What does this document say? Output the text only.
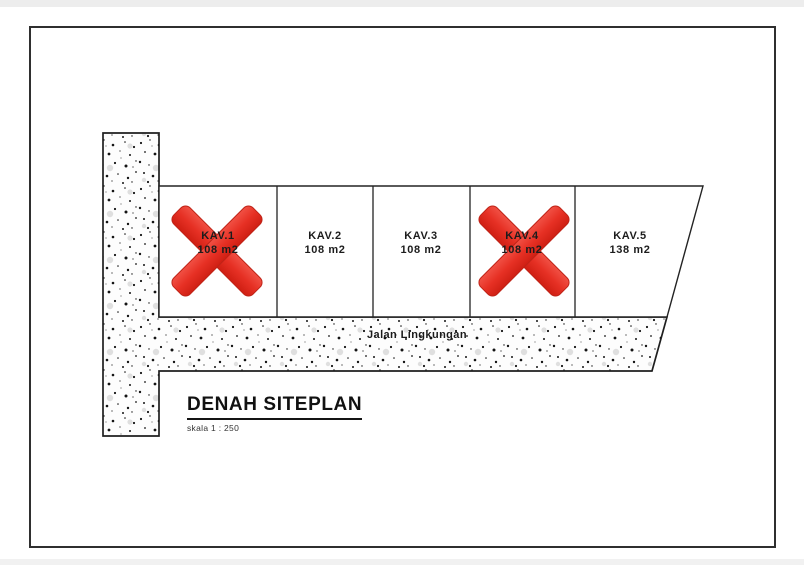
KAV.1
108 m2
KAV.2
108 m2
KAV.3
108 m2
KAV.4
108 m2
KAV.5
138 m2
Jalan Lingkungan
DENAH SITEPLAN
skala 1 : 250
